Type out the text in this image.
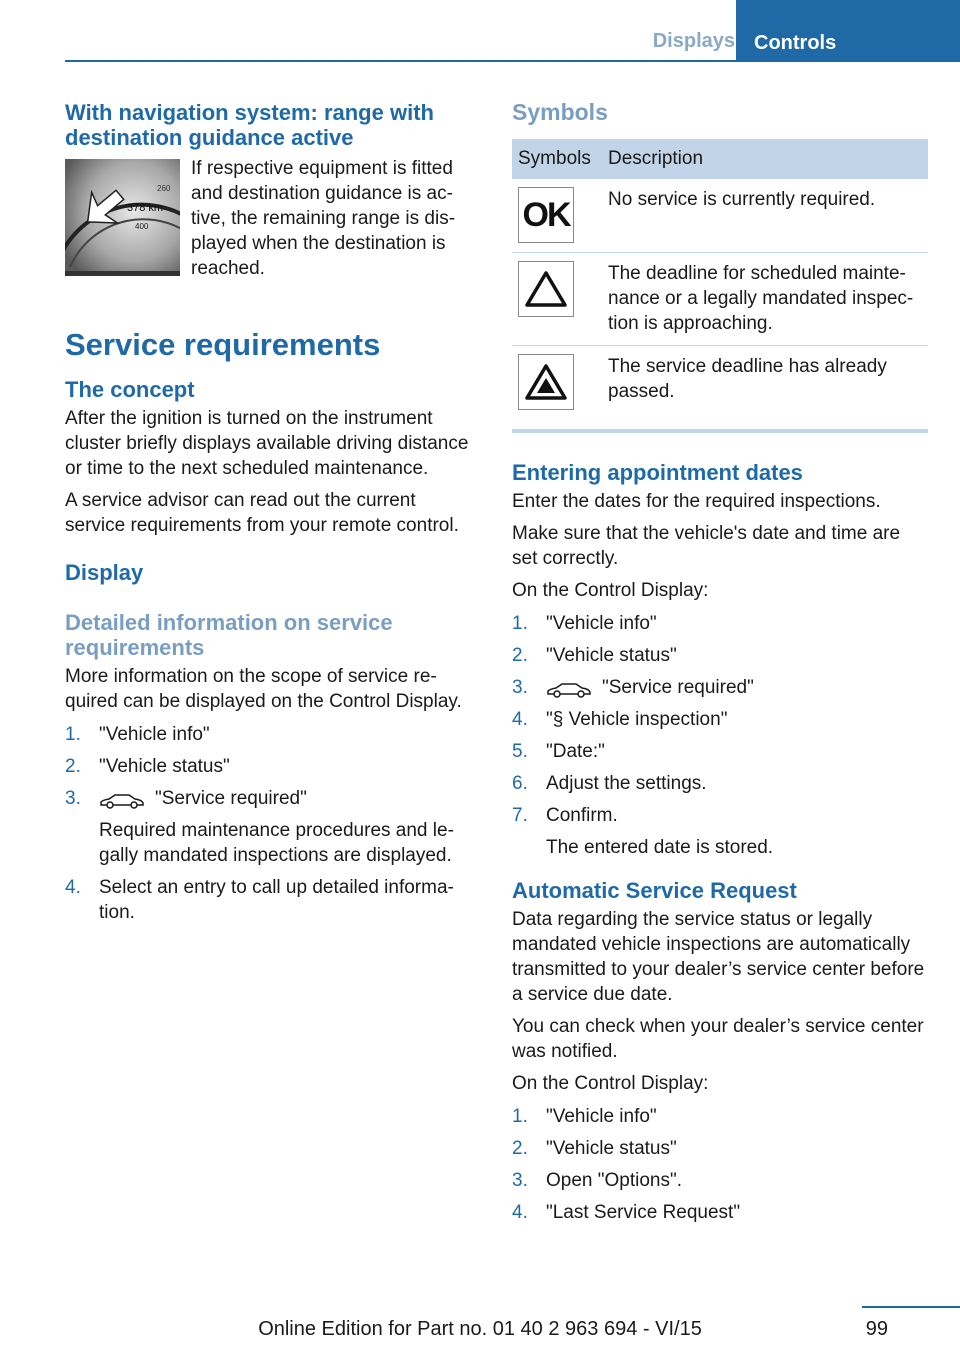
Displays Controls
With navigation system: range with destination guidance active
378 km
400
260

If respective equipment is fitted and destination guidance is active, the remaining range is displayed when the destination is reached.

Service requirements
The concept

After the ignition is turned on the instrument cluster briefly displays available driving distance or time to the next scheduled maintenance.

A service advisor can read out the current service requirements from your remote control.

Display
Detailed information on service requirements

More information on the scope of service required can be displayed on the Control Display.

1. "Vehicle info"
2. "Vehicle status"
3.	"Service required"
Required maintenance procedures and legally mandated inspections are displayed.
4. Select an entry to call up detailed information.
Symbols
Symbols	Description

OK	No service is currently required.

	The deadline for scheduled maintenance or a legally mandated inspection is approaching.

	The service deadline has already passed.
Entering appointment dates

Enter the dates for the required inspections.

Make sure that the vehicle's date and time are set correctly.

On the Control Display:

1. "Vehicle info"
2. "Vehicle status"
3.	"Service required"
4. "§ Vehicle inspection"
5. "Date:"
6. Adjust the settings.
7. Confirm.
The entered date is stored.
Automatic Service Request

Data regarding the service status or legally mandated vehicle inspections are automatically transmitted to your dealer’s service center before a service due date.

You can check when your dealer’s service center was notified.

On the Control Display:

1. "Vehicle info"
2. "Vehicle status"
3. Open "Options".
4. "Last Service Request"
99
Online Edition for Part no. 01 40 2 963 694 - VI/15
